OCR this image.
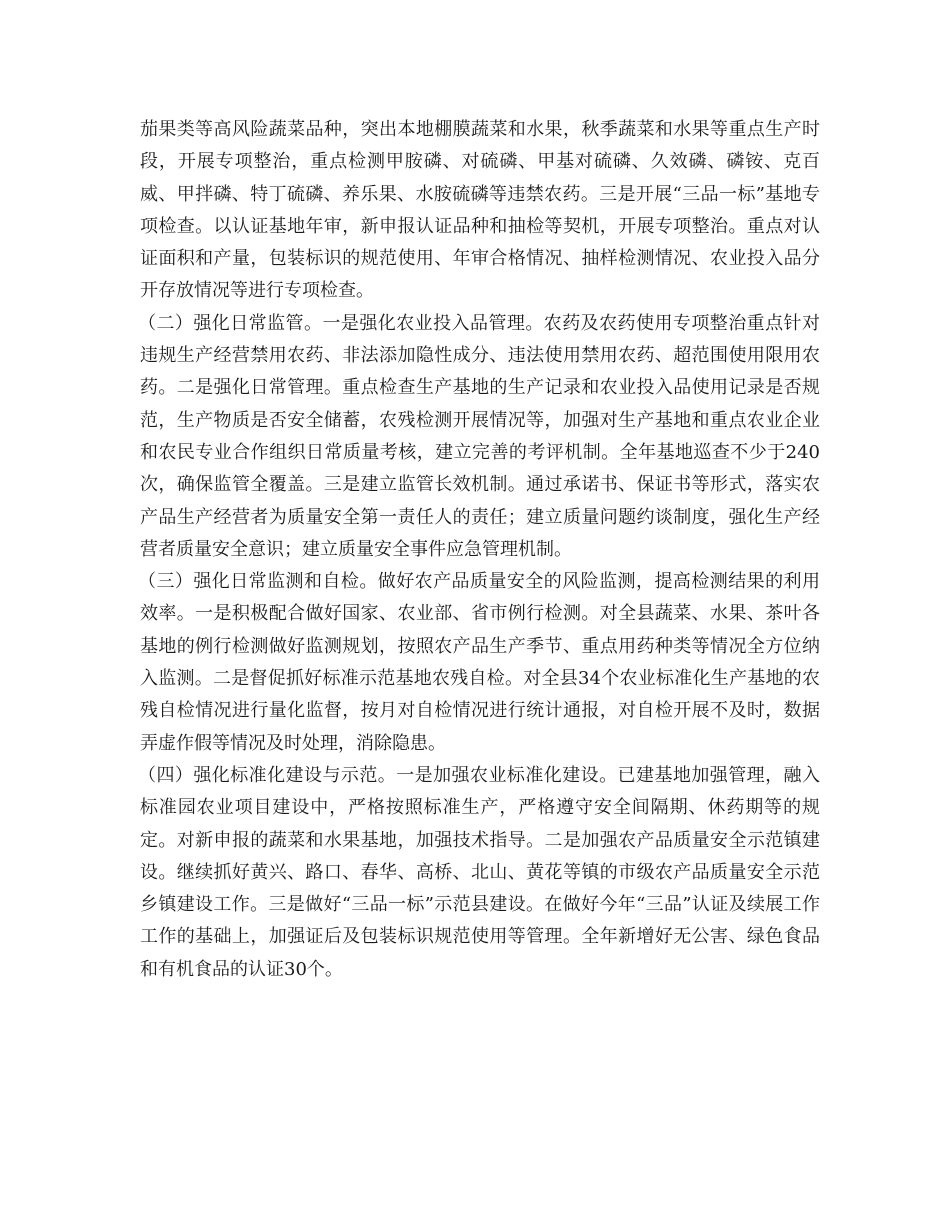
茄果类等高风险蔬菜品种，突出本地棚膜蔬菜和水果，秋季蔬菜和水果等重点生产时段，开展专项整治，重点检测甲胺磷、对硫磷、甲基对硫磷、久效磷、磷铵、克百威、甲拌磷、特丁硫磷、养乐果、水胺硫磷等违禁农药。三是开展“三品一标”基地专项检查。以认证基地年审，新申报认证品种和抽检等契机，开展专项整治。重点对认证面积和产量，包装标识的规范使用、年审合格情况、抽样检测情况、农业投入品分开存放情况等进行专项检查。

（二）强化日常监管。一是强化农业投入品管理。农药及农药使用专项整治重点针对违规生产经营禁用农药、非法添加隐性成分、违法使用禁用农药、超范围使用限用农药。二是强化日常管理。重点检查生产基地的生产记录和农业投入品使用记录是否规范，生产物质是否安全储蓄，农残检测开展情况等，加强对生产基地和重点农业企业和农民专业合作组织日常质量考核，建立完善的考评机制。全年基地巡查不少于240次，确保监管全覆盖。三是建立监管长效机制。通过承诺书、保证书等形式，落实农产品生产经营者为质量安全第一责任人的责任；建立质量问题约谈制度，强化生产经营者质量安全意识；建立质量安全事件应急管理机制。

（三）强化日常监测和自检。做好农产品质量安全的风险监测，提高检测结果的利用效率。一是积极配合做好国家、农业部、省市例行检测。对全县蔬菜、水果、茶叶各基地的例行检测做好监测规划，按照农产品生产季节、重点用药种类等情况全方位纳入监测。二是督促抓好标准示范基地农残自检。对全县34个农业标准化生产基地的农残自检情况进行量化监督，按月对自检情况进行统计通报，对自检开展不及时，数据弄虚作假等情况及时处理，消除隐患。

（四）强化标准化建设与示范。一是加强农业标准化建设。已建基地加强管理，融入标准园农业项目建设中，严格按照标准生产，严格遵守安全间隔期、休药期等的规定。对新申报的蔬菜和水果基地，加强技术指导。二是加强农产品质量安全示范镇建设。继续抓好黄兴、路口、春华、高桥、北山、黄花等镇的市级农产品质量安全示范乡镇建设工作。三是做好“三品一标”示范县建设。在做好今年“三品”认证及续展工作工作的基础上，加强证后及包装标识规范使用等管理。全年新增好无公害、绿色食品和有机食品的认证30个。
